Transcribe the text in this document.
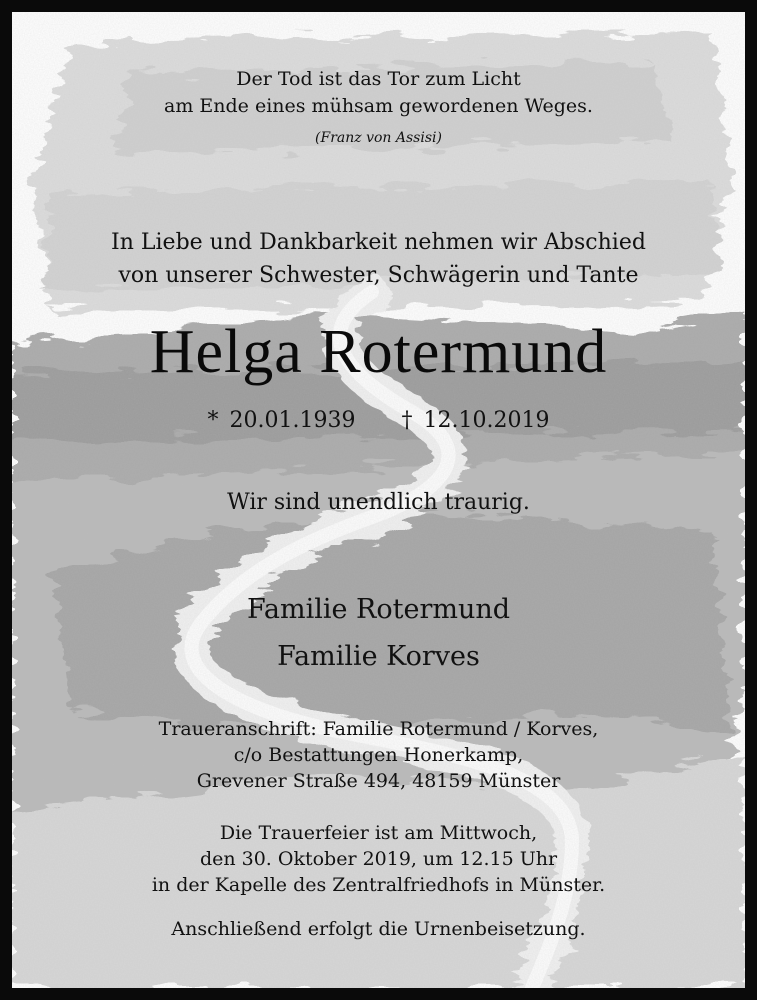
Der Tod ist das Tor zum Licht
am Ende eines mühsam gewordenen Weges.
(Franz von Assisi)
In Liebe und Dankbarkeit nehmen wir Abschied
von unserer Schwester, Schwägerin und Tante
Helga Rotermund
* 20.01.1939 † 12.10.2019
Wir sind unendlich traurig.
Familie Rotermund
Familie Korves
Traueranschrift: Familie Rotermund / Korves,
c/o Bestattungen Honerkamp,
Grevener Straße 494, 48159 Münster
Die Trauerfeier ist am Mittwoch,
den 30. Oktober 2019, um 12.15 Uhr
in der Kapelle des Zentralfriedhofs in Münster.
Anschließend erfolgt die Urnenbeisetzung.
